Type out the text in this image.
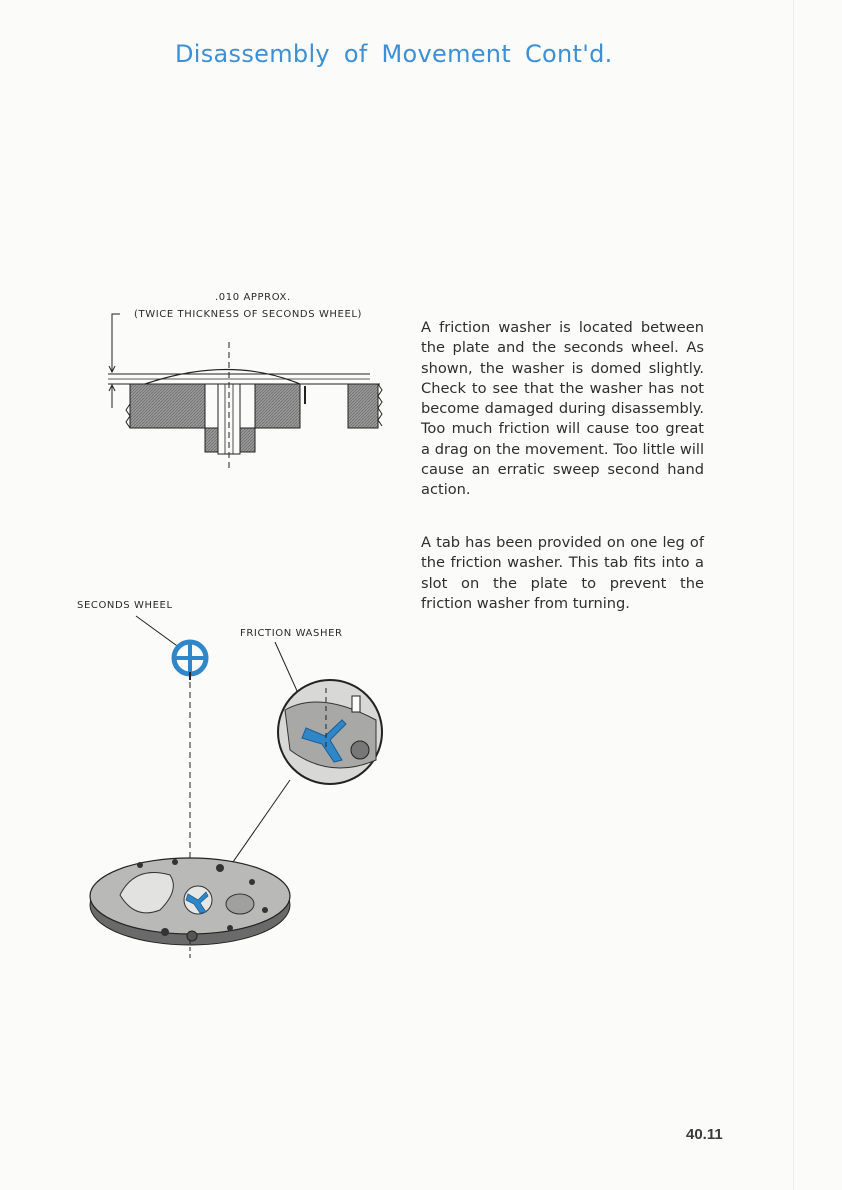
Disassembly of Movement Cont'd.
.010 APPROX.
(TWICE THICKNESS OF SECONDS WHEEL)
A friction washer is located between the plate and the seconds wheel. As shown, the washer is domed slightly. Check to see that the washer has not become damaged during disassembly. Too much friction will cause too great a drag on the movement. Too little will cause an erratic sweep second hand action.
A tab has been provided on one leg of the friction washer. This tab fits into a slot on the plate to prevent the friction washer from turning.
SECONDS WHEEL
FRICTION WASHER
40.11
